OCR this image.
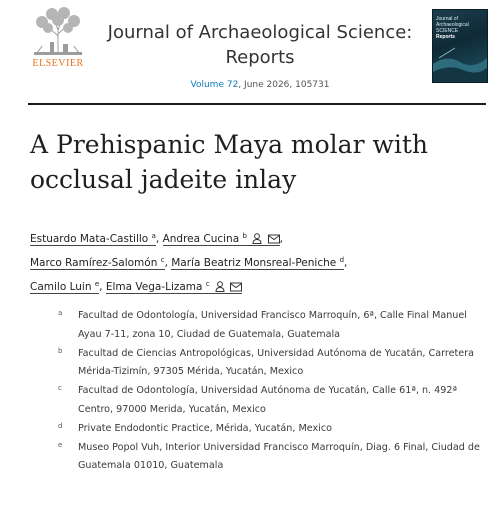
ELSEVIER
Journal of Archaeological Science:
Reports
Volume 72, June 2026, 105731
Journal of
Archaeological
SCIENCE
Reports
A Prehispanic Maya molar with
occlusal jadeite inlay
Estuardo Mata-Castillo $^a$, Andrea Cucina $^b$	,
Marco Ramírez-Salomón $^c$, María Beatriz Monsreal-Peniche $^d$,
Camilo Luin $^e$, Elma Vega-Lizama $^c$
a Facultad de Odontología, Universidad Francisco Marroquín, 6ª, Calle Final Manuel Ayau 7-11, zona 10, Ciudad de Guatemala, Guatemala
b Facultad de Ciencias Antropológicas, Universidad Autónoma de Yucatán, Carretera Mérida-Tizimín, 97305 Mérida, Yucatán, Mexico
c Facultad de Odontología, Universidad Autónoma de Yucatán, Calle 61ª, n. 492ª Centro, 97000 Merida, Yucatán, Mexico
d Private Endodontic Practice, Mérida, Yucatán, Mexico
e Museo Popol Vuh, Interior Universidad Francisco Marroquín, Diag. 6 Final, Ciudad de Guatemala 01010, Guatemala
